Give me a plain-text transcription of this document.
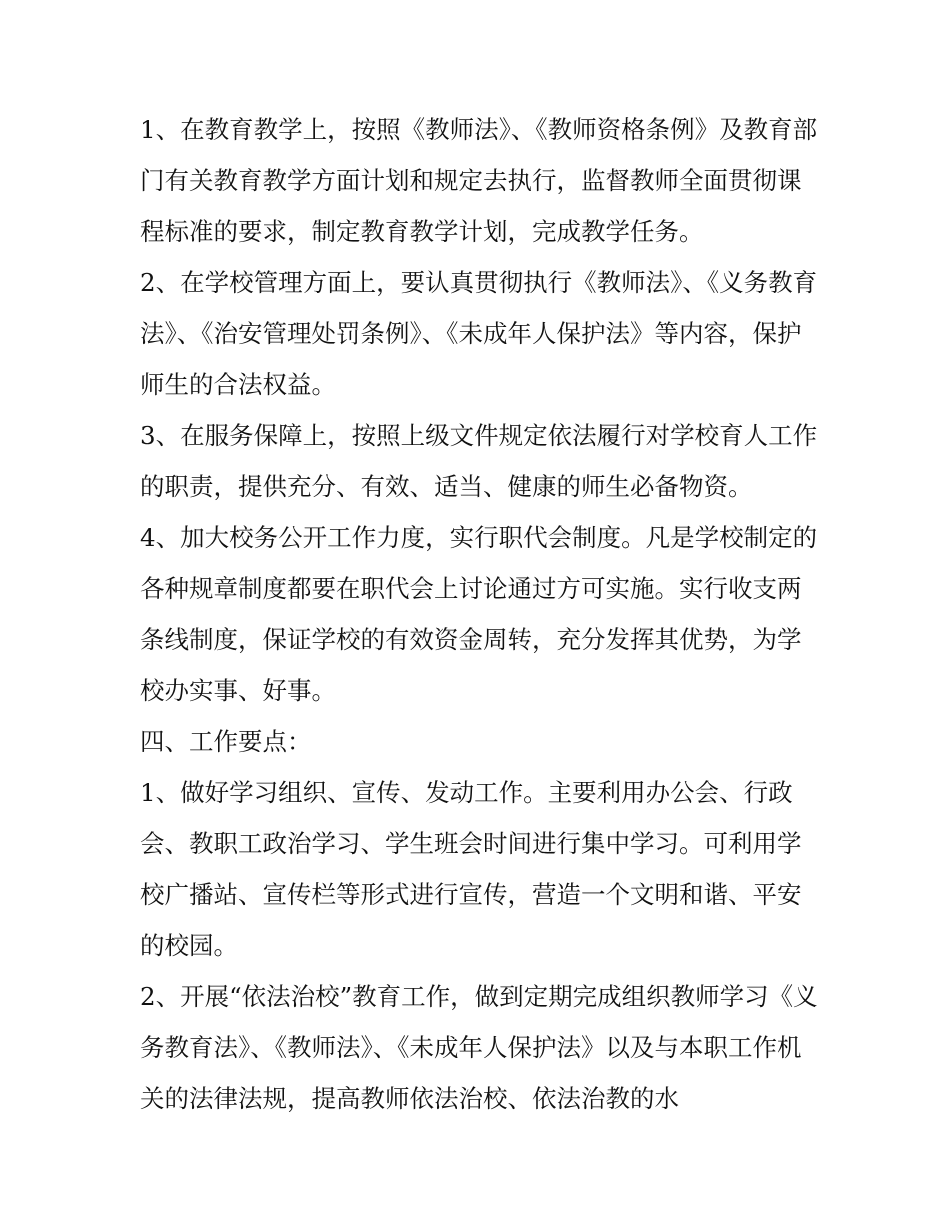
1、在教育教学上，按照《教师法》、《教师资格条例》及教育部门有关教育教学方面计划和规定去执行，监督教师全面贯彻课程标准的要求，制定教育教学计划，完成教学任务。

2、在学校管理方面上，要认真贯彻执行《教师法》、《义务教育法》、《治安管理处罚条例》、《未成年人保护法》等内容，保护师生的合法权益。

3、在服务保障上，按照上级文件规定依法履行对学校育人工作的职责，提供充分、有效、适当、健康的师生必备物资。

4、加大校务公开工作力度，实行职代会制度。凡是学校制定的各种规章制度都要在职代会上讨论通过方可实施。实行收支两条线制度，保证学校的有效资金周转，充分发挥其优势，为学校办实事、好事。

四、工作要点：

1、做好学习组织、宣传、发动工作。主要利用办公会、行政会、教职工政治学习、学生班会时间进行集中学习。可利用学校广播站、宣传栏等形式进行宣传，营造一个文明和谐、平安的校园。

2、开展“依法治校”教育工作，做到定期完成组织教师学习《义务教育法》、《教师法》、《未成年人保护法》以及与本职工作机关的法律法规，提高教师依法治校、依法治教的水
